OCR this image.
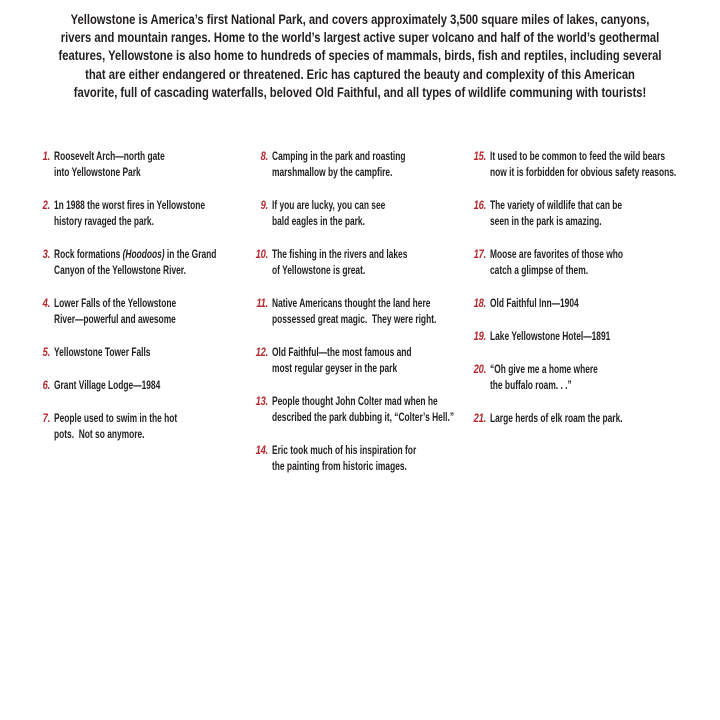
Yellowstone is America’s first National Park, and covers approximately 3,500 square miles of lakes, canyons,
rivers and mountain ranges. Home to the world’s largest active super volcano and half of the world’s geothermal
features, Yellowstone is also home to hundreds of species of mammals, birds, fish and reptiles, including several
that are either endangered or threatened. Eric has captured the beauty and complexity of this American
favorite, full of cascading waterfalls, beloved Old Faithful, and all types of wildlife communing with tourists!
1. Roosevelt Arch—north gate
into Yellowstone Park
2. 1n 1988 the worst fires in Yellowstone
history ravaged the park.
3. Rock formations (Hoodoos) in the Grand
Canyon of the Yellowstone River.
4. Lower Falls of the Yellowstone
River—powerful and awesome
5. Yellowstone Tower Falls
6. Grant Village Lodge—1984
7. People used to swim in the hot
pots.  Not so anymore.
8. Camping in the park and roasting
marshmallow by the campfire.
9. If you are lucky, you can see
bald eagles in the park.
10. The fishing in the rivers and lakes
of Yellowstone is great.
11. Native Americans thought the land here
possessed great magic.  They were right.
12. Old Faithful—the most famous and
most regular geyser in the park
13. People thought John Colter mad when he
described the park dubbing it, “Colter’s Hell.”
14. Eric took much of his inspiration for
the painting from historic images.
15. It used to be common to feed the wild bears
now it is forbidden for obvious safety reasons.
16. The variety of wildlife that can be
seen in the park is amazing.
17. Moose are favorites of those who
catch a glimpse of them.
18. Old Faithful Inn—1904
19. Lake Yellowstone Hotel—1891
20. “Oh give me a home where
the buffalo roam. . .”
21. Large herds of elk roam the park.
